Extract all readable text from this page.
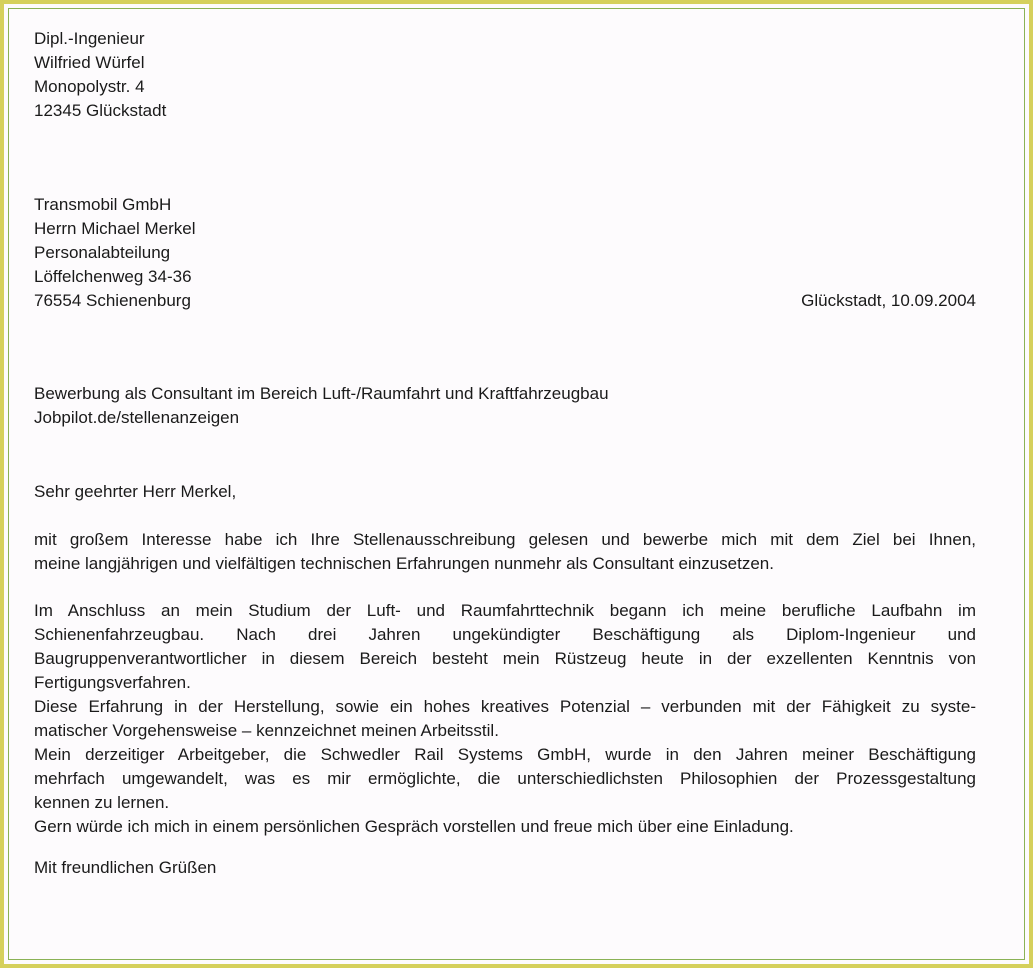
Dipl.-Ingenieur
Wilfried Würfel
Monopolystr. 4
12345 Glückstadt
Transmobil GmbH
Herrn Michael Merkel
Personalabteilung
Löffelchenweg 34-36
76554 Schienenburg	Glückstadt, 10.09.2004
Bewerbung als Consultant im Bereich Luft-/Raumfahrt und Kraftfahrzeugbau
Jobpilot.de/stellenanzeigen
Sehr geehrter Herr Merkel,
mit großem Interesse habe ich Ihre Stellenausschreibung gelesen und bewerbe mich mit dem Ziel bei Ihnen,
meine langjährigen und vielfältigen technischen Erfahrungen nunmehr als Consultant einzusetzen.
Im Anschluss an mein Studium der Luft- und Raumfahrttechnik begann ich meine berufliche Laufbahn im
Schienenfahrzeugbau. Nach drei Jahren ungekündigter Beschäftigung als Diplom-Ingenieur und
Baugruppenverantwortlicher in diesem Bereich besteht mein Rüstzeug heute in der exzellenten Kenntnis von
Fertigungsverfahren.
Diese Erfahrung in der Herstellung, sowie ein hohes kreatives Potenzial – verbunden mit der Fähigkeit zu syste-
matischer Vorgehensweise – kennzeichnet meinen Arbeitsstil.
Mein derzeitiger Arbeitgeber, die Schwedler Rail Systems GmbH, wurde in den Jahren meiner Beschäftigung
mehrfach umgewandelt, was es mir ermöglichte, die unterschiedlichsten Philosophien der Prozessgestaltung
kennen zu lernen.
Gern würde ich mich in einem persönlichen Gespräch vorstellen und freue mich über eine Einladung.
Mit freundlichen Grüßen
